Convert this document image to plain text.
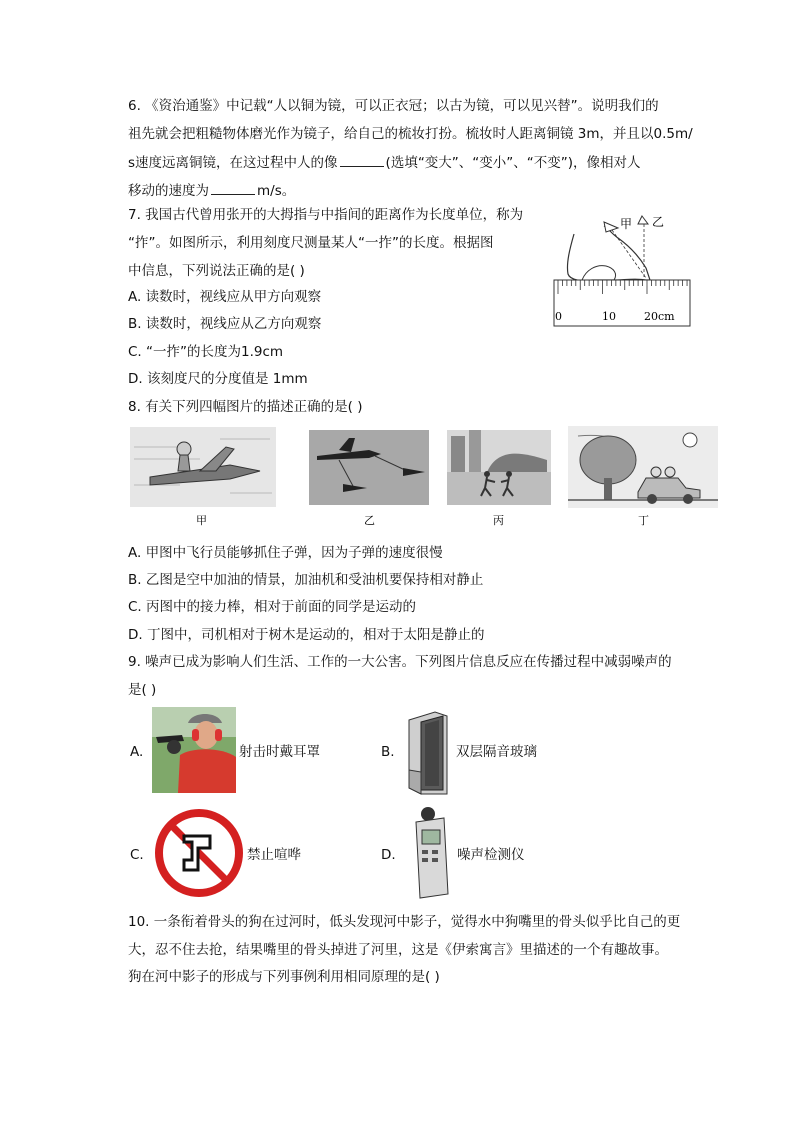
6. 《资治通鉴》中记载“人以铜为镜，可以正衣冠；以古为镜，可以见兴替”。说明我们的
祖先就会把粗糙物体磨光作为镜子，给自己的梳妆打扮。梳妆时人距离铜镜 3m，并且以0.5m/
s速度远离铜镜，在这过程中人的像	(选填“变大”、“变小”、“不变”)，像相对人
移动的速度为	m/s。
7. 我国古代曾用张开的大拇指与中指间的距离作为长度单位，称为
“拃”。如图所示，利用刻度尺测量某人“一拃”的长度。根据图
中信息，下列说法正确的是( )
A. 读数时，视线应从甲方向观察
B. 读数时，视线应从乙方向观察
C. “一拃”的长度为1.9cm
D. 该刻度尺的分度值是 1mm
甲 乙
0	10	20cm
8. 有关下列四幅图片的描述正确的是( )
甲	乙	丙	丁
A. 甲图中飞行员能够抓住子弹，因为子弹的速度很慢
B. 乙图是空中加油的情景，加油机和受油机要保持相对静止
C. 丙图中的接力棒，相对于前面的同学是运动的
D. 丁图中，司机相对于树木是运动的，相对于太阳是静止的
9. 噪声已成为影响人们生活、工作的一大公害。下列图片信息反应在传播过程中减弱噪声的
是( )
A.	射击时戴耳罩	B.	双层隔音玻璃
C.	禁止喧哗	D.	噪声检测仪
10. 一条衔着骨头的狗在过河时，低头发现河中影子，觉得水中狗嘴里的骨头似乎比自己的更
大，忍不住去抢，结果嘴里的骨头掉进了河里，这是《伊索寓言》里描述的一个有趣故事。
狗在河中影子的形成与下列事例利用相同原理的是( )
